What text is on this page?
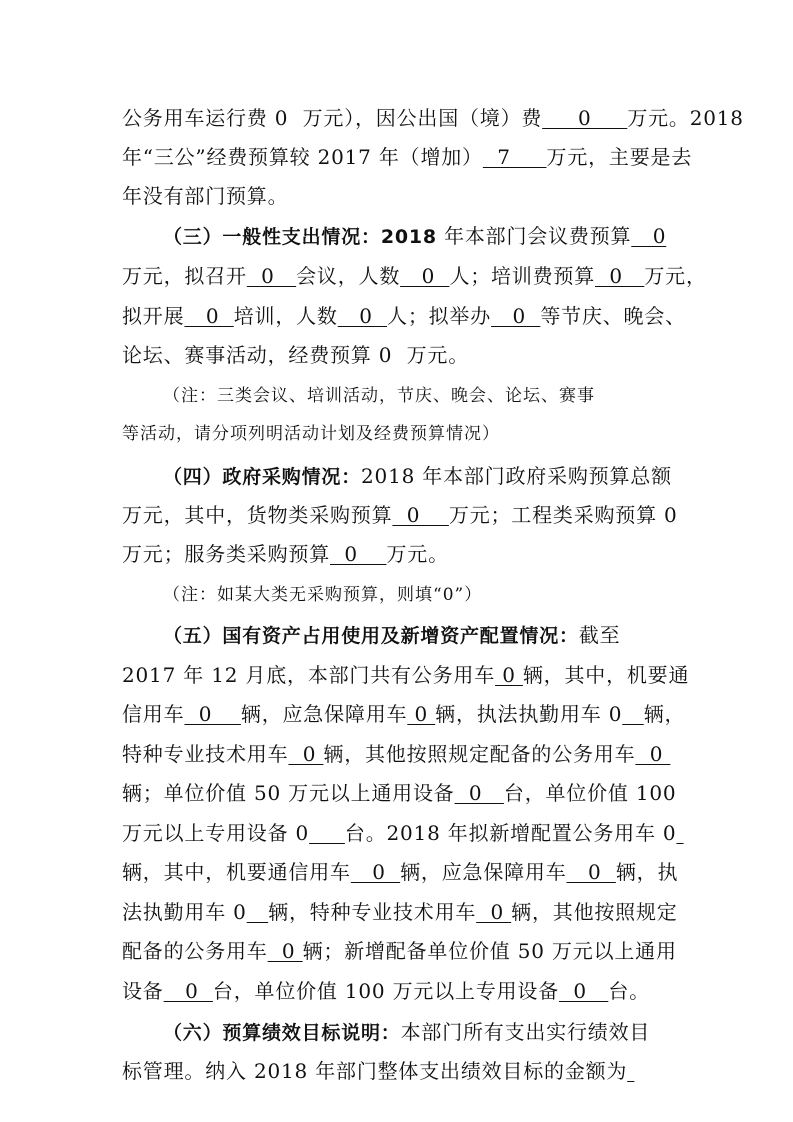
公务用车运行费 0  万元），因公出国（境）费     0     万元。2018
年“三公”经费预算较 2017 年（增加）  7     万元，主要是去
年没有部门预算。
（三）一般性支出情况：2018 年本部门会议费预算   0
万元，拟召开  0   会议，人数   0  人；培训费预算  0   万元，
拟开展   0  培训，人数   0  人；拟举办   0  等节庆、晚会、
论坛、赛事活动，经费预算 0  万元。
（注：三类会议、培训活动，节庆、晚会、论坛、赛事
等活动，请分项列明活动计划及经费预算情况）
（四）政府采购情况：2018 年本部门政府采购预算总额
万元，其中，货物类采购预算  0    万元；工程类采购预算 0
万元；服务类采购预算  0    万元。
（注：如某大类无采购预算，则填“0”）
（五）国有资产占用使用及新增资产配置情况：截至
2017 年 12 月底，本部门共有公务用车 0 辆，其中，机要通
信用车  0    辆，应急保障用车 0 辆，执法执勤用车 0 辆，
特种专业技术用车  0 辆，其他按照规定配备的公务用车  0
辆；单位价值 50 万元以上通用设备  0   台，单位价值 100
万元以上专用设备 0 台。2018 年拟新增配置公务用车 0
辆，其中，机要通信用车   0  辆，应急保障用车   0  辆，执
法执勤用车 0 辆，特种专业技术用车  0 辆，其他按照规定
配备的公务用车  0 辆；新增配备单位价值 50 万元以上通用
设备   0  台，单位价值 100 万元以上专用设备  0   台。
（六）预算绩效目标说明：本部门所有支出实行绩效目
标管理。纳入 2018 年部门整体支出绩效目标的金额为
